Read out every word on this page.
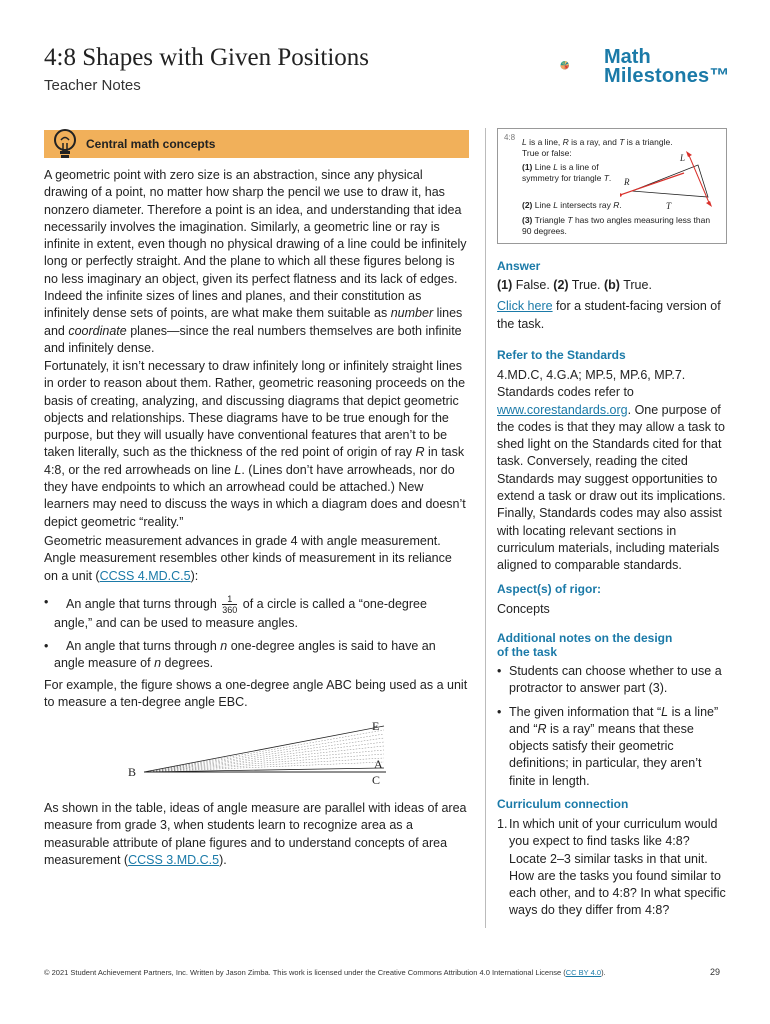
4:8 Shapes with Given Positions
Teacher Notes
Math
Milestones™
Central math concepts

A geometric point with zero size is an abstraction, since any physical drawing of a point, no matter how sharp the pencil we use to draw it, has nonzero diameter. Therefore a point is an idea, and understanding that idea necessarily involves the imagination. Similarly, a geometric line or ray is infinite in extent, even though no physical drawing of a line could be infinitely long or perfectly straight. And the plane to which all these figures belong is no less imaginary an object, given its perfect flatness and its lack of edges. Indeed the infinite sizes of lines and planes, and their constitution as infinitely dense sets of points, are what make them suitable as number lines and coordinate planes—since the real numbers themselves are both infinite and infinitely dense.

Fortunately, it isn’t necessary to draw infinitely long or infinitely straight lines in order to reason about them. Rather, geometric reasoning proceeds on the basis of creating, analyzing, and discussing diagrams that depict geometric objects and relationships. These diagrams have to be true enough for the purpose, but they will usually have conventional features that aren’t to be taken literally, such as the thickness of the red point of origin of ray R in task 4:8, or the red arrowheads on line L. (Lines don’t have arrowheads, nor do they have endpoints to which an arrowhead could be attached.) New learners may need to discuss the ways in which a diagram does and doesn’t depict geometric “reality.”

Geometric measurement advances in grade 4 with angle measurement. Angle measurement resembles other kinds of measurement in its reliance on a unit (CCSS 4.MD.C.5):

• An angle that turns through $\frac{1}{360}$ of a circle is called a “one-degree angle,” and can be used to measure angles.

• An angle that turns through n one-degree angles is said to have an angle measure of n degrees.

For example, the figure shows a one-degree angle ABC being used as a unit to measure a ten-degree angle EBC.

E
A
B
C

As shown in the table, ideas of angle measure are parallel with ideas of area measure from grade 3, when students learn to recognize area as a measurable attribute of plane figures and to understand concepts of area measurement (CCSS 3.MD.C.5).

4:8 L is a line, R is a ray, and T is a triangle.
True or false:
(1) Line L is a line of symmetry for triangle T.
(2) Line L intersects ray R.
(3) Triangle T has two angles measuring less than 90 degrees.
L
R
T

Answer

(1) False. (2) True. (b) True.

Click here for a student-facing version of the task.

Refer to the Standards

4.MD.C, 4.G.A; MP.5, MP.6, MP.7. Standards codes refer to www.corestandards.org. One purpose of the codes is that they may allow a task to shed light on the Standards cited for that task. Conversely, reading the cited Standards may suggest opportunities to extend a task or draw out its implications. Finally, Standards codes may also assist with locating relevant sections in curriculum materials, including materials aligned to comparable standards.

Aspect(s) of rigor:

Concepts

Additional notes on the design
of the task

• Students can choose whether to use a protractor to answer part (3).

• The given information that “L is a line” and “R is a ray” means that these objects satisfy their geometric definitions; in particular, they aren’t finite in length.

Curriculum connection

1. In which unit of your curriculum would you expect to find tasks like 4:8? Locate 2–3 similar tasks in that unit. How are the tasks you found similar to each other, and to 4:8? In what specific ways do they differ from 4:8?

© 2021 Student Achievement Partners, Inc. Written by Jason Zimba. This work is licensed under the Creative Commons Attribution 4.0 International License (CC BY 4.0).	29
